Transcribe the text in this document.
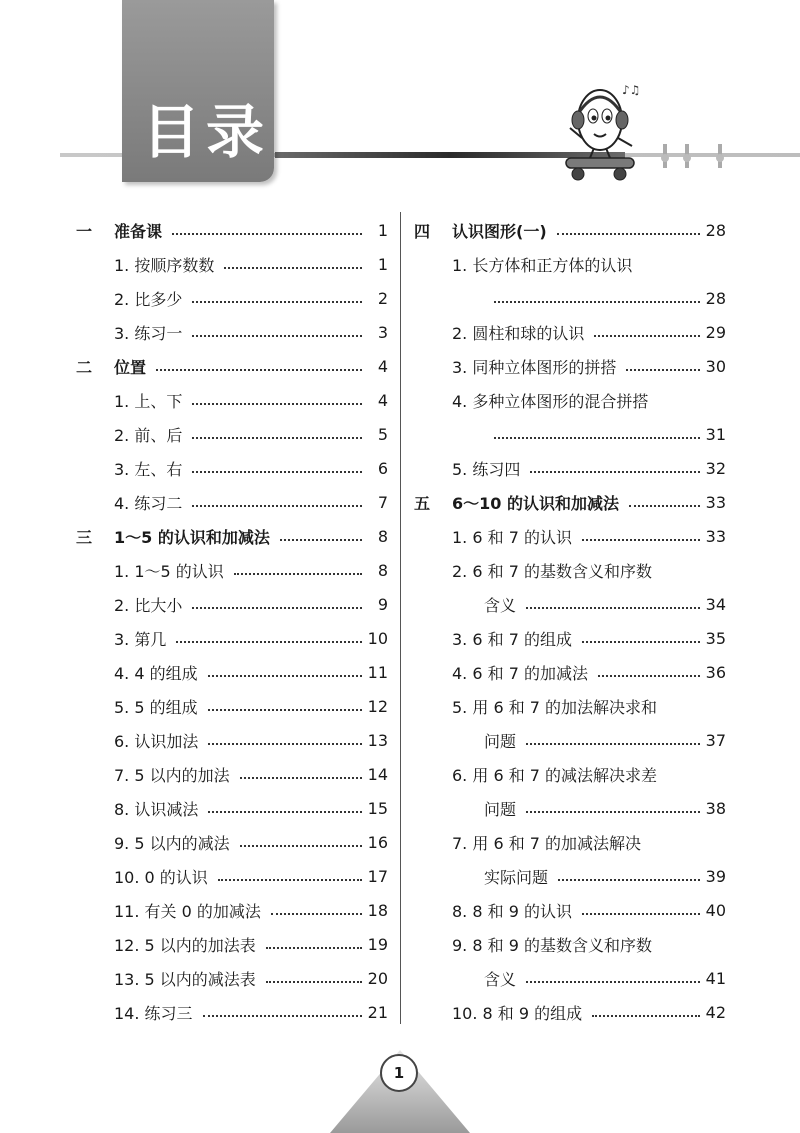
目录
♪♫
一	准备课	1
1. 按顺序数数	1
2. 比多少	2
3. 练习一	3
二	位置	4
1. 上、下	4
2. 前、后	5
3. 左、右	6
4. 练习二	7
三	1～5 的认识和加减法	8
1. 1～5 的认识	8
2. 比大小	9
3. 第几	10
4. 4 的组成	11
5. 5 的组成	12
6. 认识加法	13
7. 5 以内的加法	14
8. 认识减法	15
9. 5 以内的减法	16
10. 0 的认识	17
11. 有关 0 的加减法	18
12. 5 以内的加法表	19
13. 5 以内的减法表	20
14. 练习三	21
四	认识图形(一)	28
1. 长方体和正方体的认识
28
2. 圆柱和球的认识	29
3. 同种立体图形的拼搭	30
4. 多种立体图形的混合拼搭
31
5. 练习四	32
五	6～10 的认识和加减法	33
1. 6 和 7 的认识	33
2. 6 和 7 的基数含义和序数
含义	34
3. 6 和 7 的组成	35
4. 6 和 7 的加减法	36
5. 用 6 和 7 的加法解决求和
问题	37
6. 用 6 和 7 的减法解决求差
问题	38
7. 用 6 和 7 的加减法解决
实际问题	39
8. 8 和 9 的认识	40
9. 8 和 9 的基数含义和序数
含义	41
10. 8 和 9 的组成	42
1
